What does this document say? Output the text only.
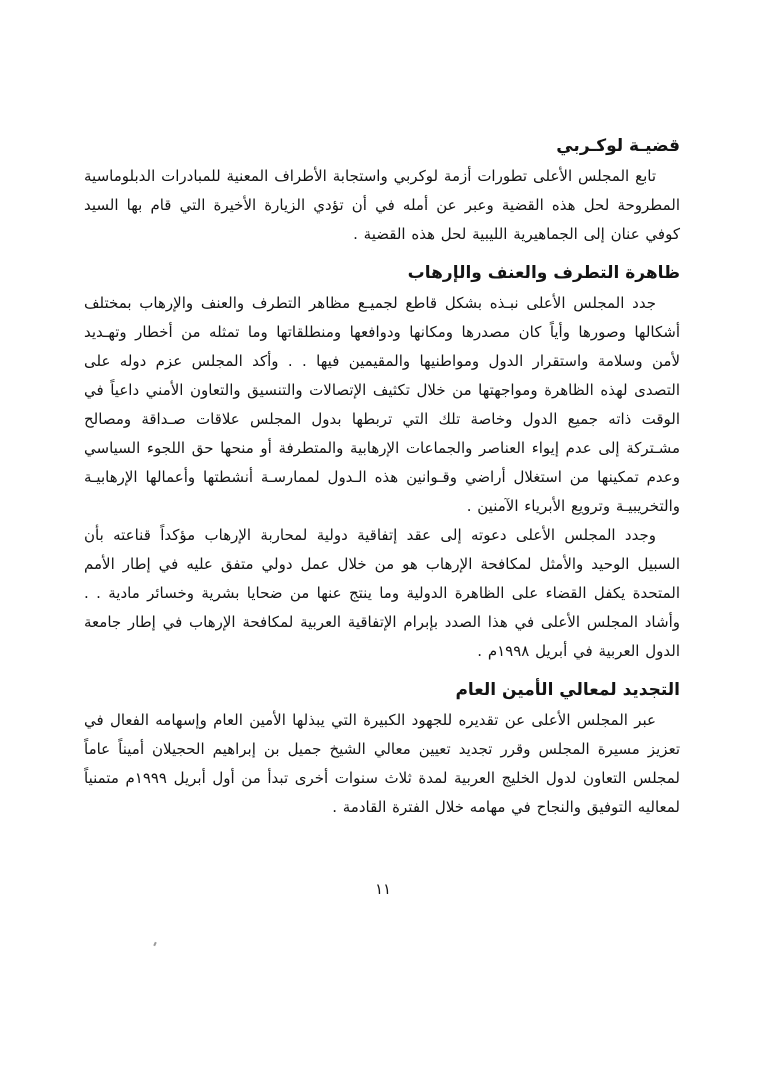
قضيـة لوكـربي

تابع المجلس الأعلى تطورات أزمة لوكربي واستجابة الأطراف المعنية للمبادرات الدبلوماسية المطروحة لحل هذه القضية وعبر عن أمله في أن تؤدي الزيارة الأخيرة التي قام بها السيد كوفي عنان إلى الجماهيرية الليبية لحل هذه القضية .

ظاهرة التطرف والعنف والإرهاب

جدد المجلس الأعلى نبـذه بشكل قاطع لجميـع مظاهر التطرف والعنف والإرهاب بمختلف أشكالها وصورها وأياً كان مصدرها ومكانها ودوافعها ومنطلقاتها وما تمثله من أخطار وتهـديد لأمن وسلامة واستقرار الدول ومواطنيها والمقيمين فيها . . وأكد المجلس عزم دوله على التصدى لهذه الظاهرة ومواجهتها من خلال تكثيف الإتصالات والتنسيق والتعاون الأمني داعياً في الوقت ذاته جميع الدول وخاصة تلك التي تربطها بدول المجلس علاقات صـداقة ومصالح مشـتركة إلى عدم إيواء العناصر والجماعات الإرهابية والمتطرفة أو منحها حق اللجوء السياسي وعدم تمكينها من استغلال أراضي وقـوانين هذه الـدول لممارسـة أنشطتها وأعمالها الإرهابيـة والتخريبيـة وترويع الأبرياء الآمنين .

وجدد المجلس الأعلى دعوته إلى عقد إتفاقية دولية لمحاربة الإرهاب مؤكداً قناعته بأن السبيل الوحيد والأمثل لمكافحة الإرهاب هو من خلال عمل دولي متفق عليه في إطار الأمم المتحدة يكفل القضاء على الظاهرة الدولية وما ينتج عنها من ضحايا بشرية وخسائر مادية . . وأشاد المجلس الأعلى في هذا الصدد بإبرام الإتفاقية العربية لمكافحة الإرهاب في إطار جامعة الدول العربية في أبريل ١٩٩٨م .

التجديد لمعالي الأمين العام

عبر المجلس الأعلى عن تقديره للجهود الكبيرة التي يبذلها الأمين العام وإسهامه الفعال في تعزيز مسيرة المجلس وقرر تجديد تعيين معالي الشيخ جميل بن إبراهيم الحجيلان أميناً عاماً لمجلس التعاون لدول الخليج العربية لمدة ثلاث سنوات أخرى تبدأ من أول أبريل ١٩٩٩م متمنياً لمعاليه التوفيق والنجاح في مهامه خلال الفترة القادمة .

١١
